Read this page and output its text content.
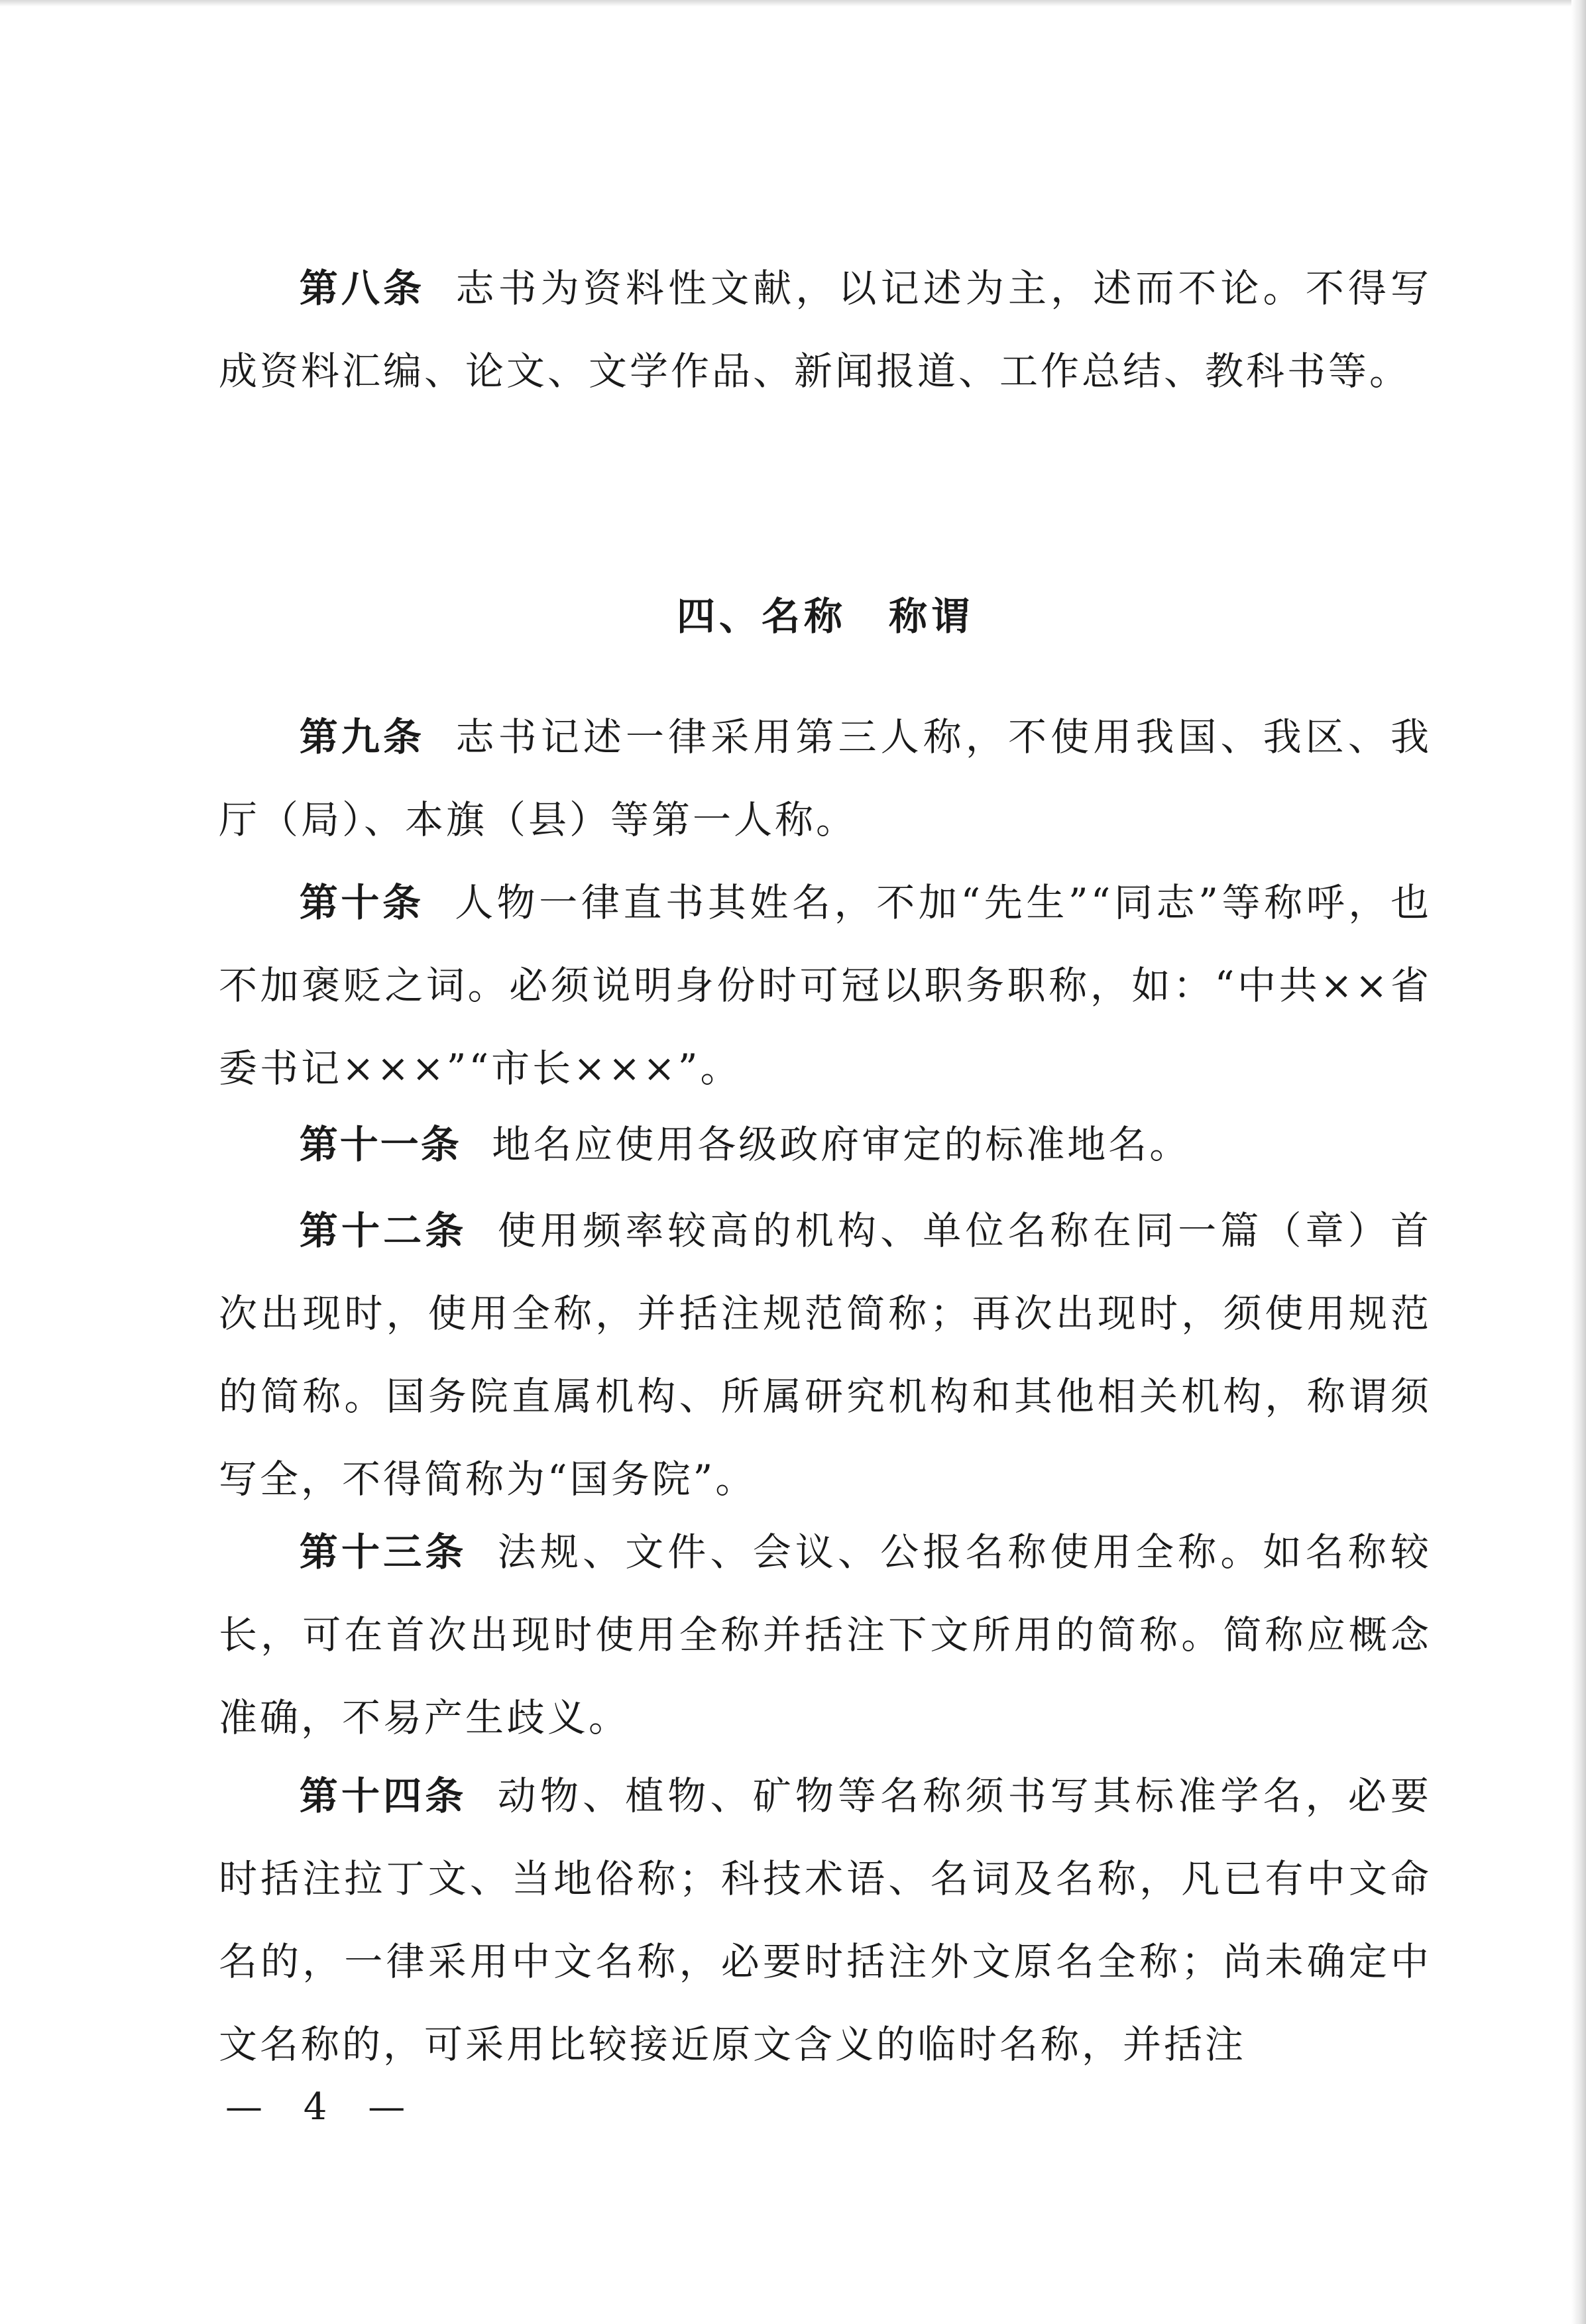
第八条 志书为资料性文献，以记述为主，述而不论。不得写成资料汇编、论文、文学作品、新闻报道、工作总结、教科书等。

四、名称　称谓

第九条 志书记述一律采用第三人称，不使用我国、我区、我厅（局）、本旗（县）等第一人称。

第十条 人物一律直书其姓名，不加“先生”“同志”等称呼，也不加褒贬之词。必须说明身份时可冠以职务职称，如：“中共××省委书记×××”“市长×××”。

第十一条 地名应使用各级政府审定的标准地名。

第十二条 使用频率较高的机构、单位名称在同一篇（章）首次出现时，使用全称，并括注规范简称；再次出现时，须使用规范的简称。国务院直属机构、所属研究机构和其他相关机构，称谓须写全，不得简称为“国务院”。

第十三条 法规、文件、会议、公报名称使用全称。如名称较长，可在首次出现时使用全称并括注下文所用的简称。简称应概念准确，不易产生歧义。

第十四条 动物、植物、矿物等名称须书写其标准学名，必要时括注拉丁文、当地俗称；科技术语、名词及名称，凡已有中文命名的，一律采用中文名称，必要时括注外文原名全称；尚未确定中文名称的，可采用比较接近原文含义的临时名称，并括注

— 4 —
